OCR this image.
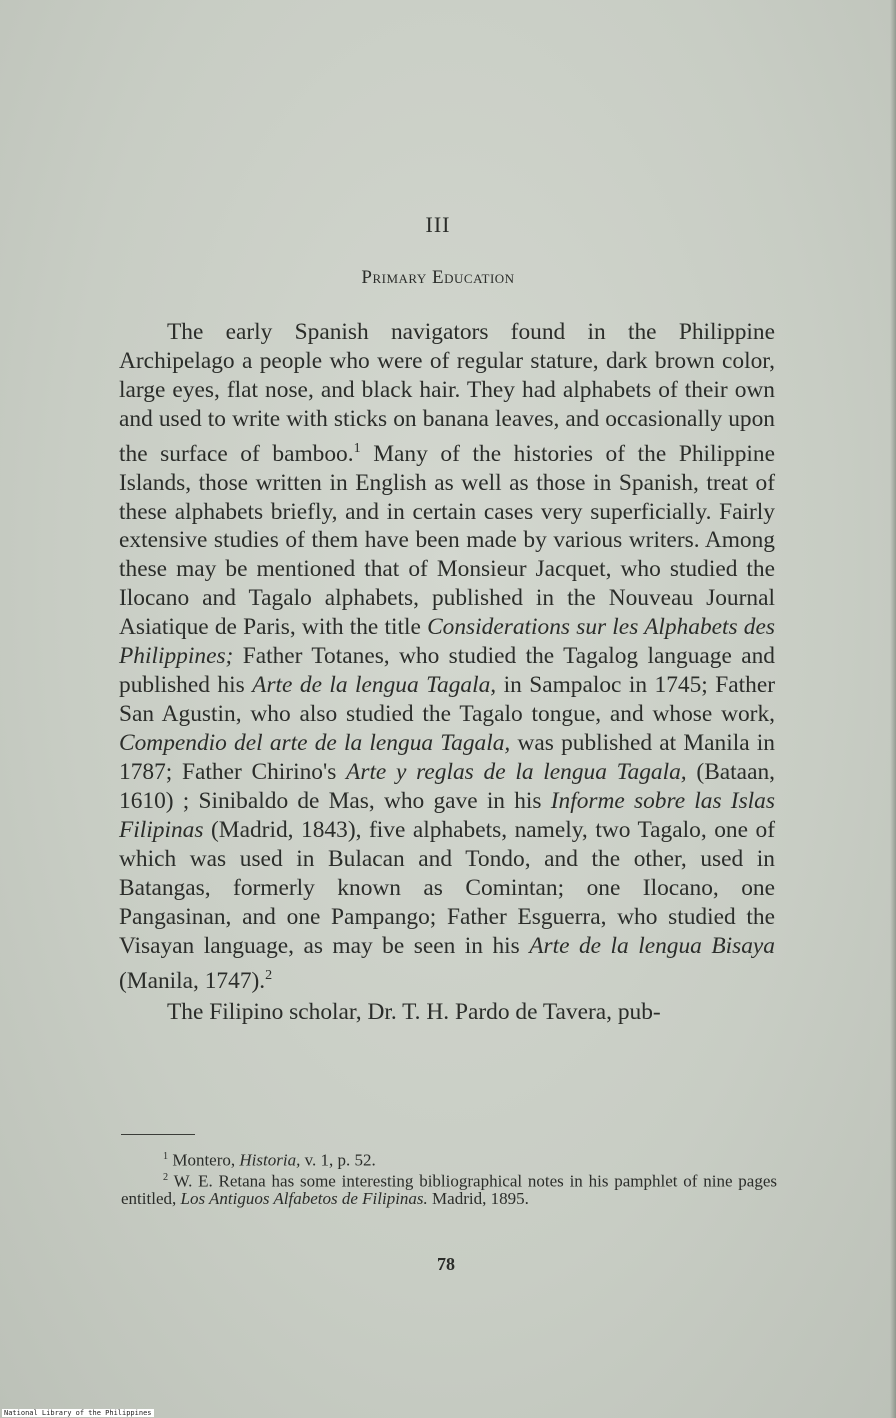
III
Primary Education

The early Spanish navigators found in the Philippine Archipelago a people who were of regular stature, dark brown color, large eyes, flat nose, and black hair. They had alphabets of their own and used to write with sticks on banana leaves, and occasionally upon the surface of bamboo.$^1$ Many of the histories of the Philippine Islands, those written in English as well as those in Spanish, treat of these alphabets briefly, and in certain cases very superficially. Fairly extensive studies of them have been made by various writers. Among these may be mentioned that of Monsieur Jacquet, who studied the Ilocano and Tagalo alphabets, published in the Nouveau Journal Asiatique de Paris, with the title Considerations sur les Alphabets des Philippines; Father Totanes, who studied the Tagalog language and published his Arte de la lengua Tagala, in Sampaloc in 1745; Father San Agustin, who also studied the Tagalo tongue, and whose work, Compendio del arte de la lengua Tagala, was published at Manila in 1787; Father Chirino's Arte y reglas de la lengua Tagala, (Bataan, 1610) ; Sinibaldo de Mas, who gave in his Informe sobre las Islas Filipinas (Madrid, 1843), five alphabets, namely, two Tagalo, one of which was used in Bulacan and Tondo, and the other, used in Batangas, formerly known as Comintan; one Ilocano, one Pangasinan, and one Pampango; Father Esguerra, who studied the Visayan language, as may be seen in his Arte de la lengua Bisaya (Manila, 1747).$^2$

The Filipino scholar, Dr. T. H. Pardo de Tavera, pub-

$^1$ Montero, Historia, v. 1, p. 52.

$^2$ W. E. Retana has some interesting bibliographical notes in his pamphlet of nine pages entitled, Los Antiguos Alfabetos de Filipinas. Madrid, 1895.

78
National Library of the Philippines
